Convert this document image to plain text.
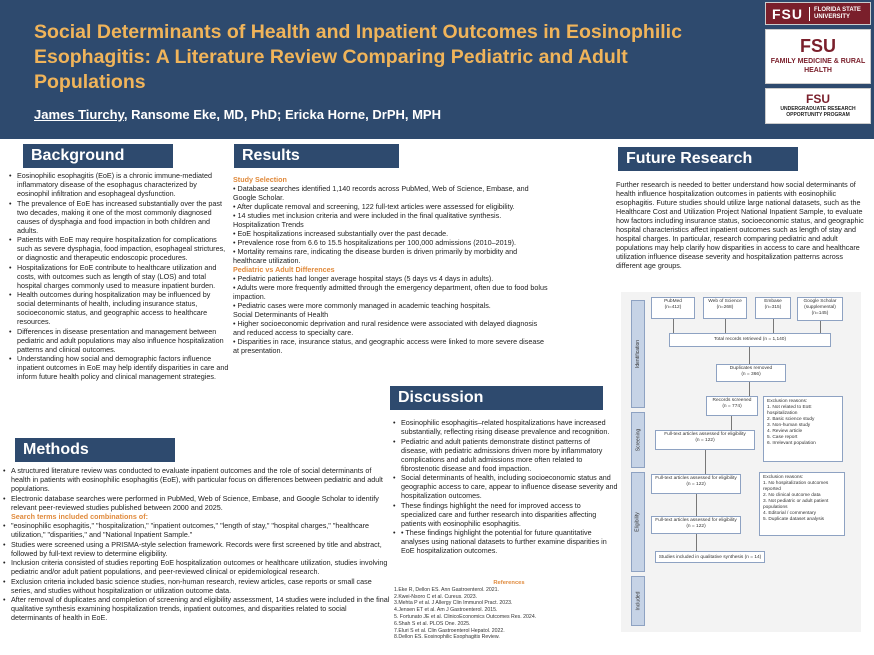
Social Determinants of Health and Inpatient Outcomes in Eosinophilic Esophagitis: A Literature Review Comparing Pediatric and Adult Populations
James Tiurchy, Ransome Eke, MD, PhD; Ericka Horne, DrPH, MPH
FSU	FLORIDA STATE UNIVERSITY
FSU
FAMILY MEDICINE & RURAL HEALTH
FSU
UNDERGRADUATE RESEARCH OPPORTUNITY PROGRAM
Background
• Eosinophilic esophagitis (EoE) is a chronic immune-mediated inflammatory disease of the esophagus characterized by eosinophil infiltration and esophageal dysfunction.
• The prevalence of EoE has increased substantially over the past two decades, making it one of the most commonly diagnosed causes of dysphagia and food impaction in both children and adults.
• Patients with EoE may require hospitalization for complications such as severe dysphagia, food impaction, esophageal strictures, or diagnostic and therapeutic endoscopic procedures.
• Hospitalizations for EoE contribute to healthcare utilization and costs, with outcomes such as length of stay (LOS) and total hospital charges commonly used to measure inpatient burden.
• Health outcomes during hospitalization may be influenced by social determinants of health, including insurance status, socioeconomic status, and geographic access to healthcare resources.
• Differences in disease presentation and management between pediatric and adult populations may also influence hospitalization patterns and clinical outcomes.
• Understanding how social and demographic factors influence inpatient outcomes in EoE may help identify disparities in care and inform future health policy and clinical management strategies.
Methods
• A structured literature review was conducted to evaluate inpatient outcomes and the role of social determinants of health in patients with eosinophilic esophagitis (EoE), with particular focus on differences between pediatric and adult populations.
• Electronic database searches were performed in PubMed, Web of Science, Embase, and Google Scholar to identify relevant peer-reviewed studies published between 2000 and 2025.
Search terms included combinations of:
• "eosinophilic esophagitis," "hospitalization," "inpatient outcomes," "length of stay," "hospital charges," "healthcare utilization," "disparities," and "National Inpatient Sample."
• Studies were screened using a PRISMA-style selection framework. Records were first screened by title and abstract, followed by full-text review to determine eligibility.
• Inclusion criteria consisted of studies reporting EoE hospitalization outcomes or healthcare utilization, studies involving pediatric and/or adult patient populations, and peer-reviewed clinical or epidemiological research.
• Exclusion criteria included basic science studies, non-human research, review articles, case reports or small case series, and studies without hospitalization or utilization outcome data.
• After removal of duplicates and completion of screening and eligibility assessment, 14 studies were included in the final qualitative synthesis examining hospitalization trends, inpatient outcomes, and disparities related to social determinants of health in EoE.
Results
Study Selection
• Database searches identified 1,140 records across PubMed, Web of Science, Embase, and Google Scholar.
• After duplicate removal and screening, 122 full-text articles were assessed for eligibility.
• 14 studies met inclusion criteria and were included in the final qualitative synthesis.
Hospitalization Trends
• EoE hospitalizations increased substantially over the past decade.
• Prevalence rose from 6.6 to 15.5 hospitalizations per 100,000 admissions (2010–2019).
• Mortality remains rare, indicating the disease burden is driven primarily by morbidity and healthcare utilization.
Pediatric vs Adult Differences
• Pediatric patients had longer average hospital stays (5 days vs 4 days in adults).
• Adults were more frequently admitted through the emergency department, often due to food bolus impaction.
• Pediatric cases were more commonly managed in academic teaching hospitals.
Social Determinants of Health
• Higher socioeconomic deprivation and rural residence were associated with delayed diagnosis and reduced access to specialty care.
• Disparities in race, insurance status, and geographic access were linked to more severe disease at presentation.
Future Research
Further research is needed to better understand how social determinants of health influence hospitalization outcomes in patients with eosinophilic esophagitis. Future studies should utilize large national datasets, such as the Healthcare Cost and Utilization Project National Inpatient Sample, to evaluate how factors including insurance status, socioeconomic status, and geographic hospital characteristics affect inpatient outcomes such as length of stay and hospital charges. In particular, research comparing pediatric and adult populations may help clarify how disparities in access to care and healthcare utilization influence disease severity and hospitalization patterns across different age groups.
Discussion
• Eosinophilic esophagitis–related hospitalizations have increased substantially, reflecting rising disease prevalence and recognition.
• Pediatric and adult patients demonstrate distinct patterns of disease, with pediatric admissions driven more by inflammatory complications and adult admissions more often related to fibrostenotic disease and food impaction.
• Social determinants of health, including socioeconomic status and geographic access to care, appear to influence disease severity and hospitalization outcomes.
• These findings highlight the need for improved access to specialized care and further research into disparities affecting patients with eosinophilic esophagitis.
• • These findings highlight the potential for future quantitative analyses using national datasets to further examine disparities in EoE hospitalization outcomes.
References
1.Eke R, Dellon ES. Ann Gastroenterol. 2021.
2.Kwei-Nsoro C et al. Cureus. 2023.
3.Mehta P et al. J Allergy Clin Immunol Pract. 2023.
4.Jensen ET et al. Am J Gastroenterol. 2015.
5. Fortunato JE et al. ClinicoEconomics Outcomes Res. 2024.
6.Shah S et al. PLOS One. 2025.
7.Eluri S et al. Clin Gastroenterol Hepatol. 2022.
8.Dellon ES. Eosinophilic Esophagitis Review.
Identification
Screening
Eligibility
Included
PubMed
(n=412)
Web of Science
(n=268)
Embase
(n=315)
Google Scholar
(supplemental)
(n=145)
Total records retrieved (n = 1,140)
Duplicates removed
(n = 366)
Records screened
(n = 774)
Exclusion reasons:
1. Not related to EoE hospitalization
2. Basic science study
3. Non-human study
4. Review article
5. Case report
6. Irrelevant population
Full-text articles assessed for eligibility
(n = 122)
Full-text articles assessed for eligibility
(n = 122)
Exclusion reasons:
1. No hospitalization outcomes reported
2. No clinical outcome data
3. Not pediatric or adult patient populations
4. Editorial / commentary
5. Duplicate dataset analysis
Full-text articles assessed for eligibility
(n = 122)
Studies included in qualitative synthesis (n = 14)
